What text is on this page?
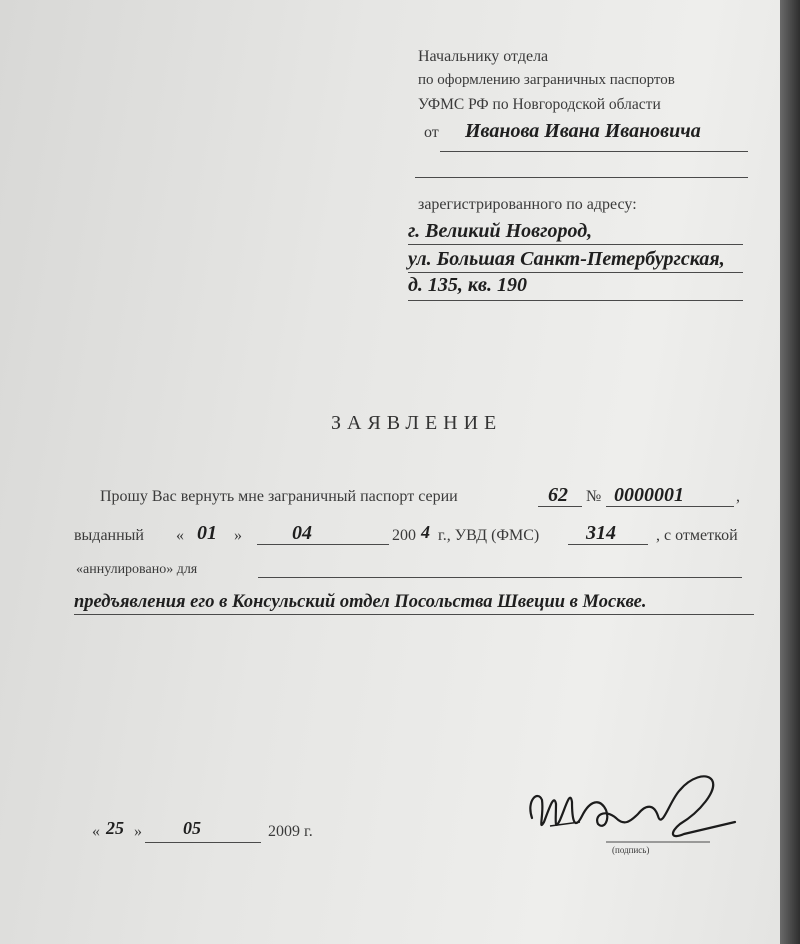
Начальнику отдела
по оформлению заграничных паспортов
УФМС РФ по Новгородской области
от Иванова Ивана Ивановича
зарегистрированного по адресу:
г. Великий Новгород,
ул. Большая Санкт-Петербургская,
д. 135, кв. 190
ЗАЯВЛЕНИЕ
Прошу Вас вернуть мне заграничный паспорт серии	62 № 0000001	,
выданный « 01 »	04	200 4 г., УВД (ФМС) 314	, с отметкой
«аннулировано» для
предъявления его в Консульский отдел Посольства Швеции в Москве.
« 25 » 05	2009 г.
(подпись)
